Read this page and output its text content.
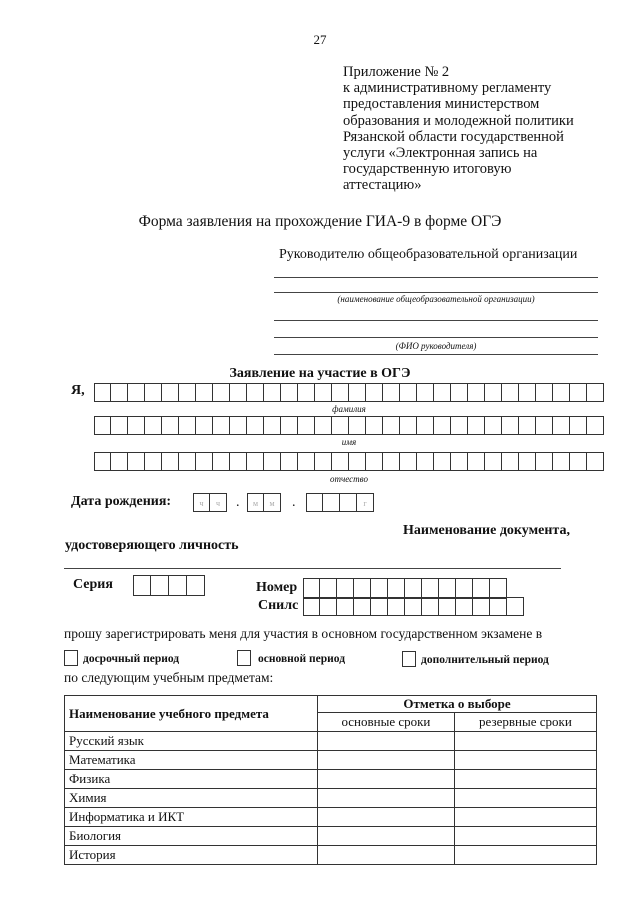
27
Приложение № 2
к административному регламенту
предоставления министерством
образования и молодежной политики
Рязанской области государственной
услуги «Электронная запись на
государственную итоговую
аттестацию»
Форма заявления на прохождение ГИА-9 в форме ОГЭ
Руководителю общеобразовательной организации
(наименование общеобразовательной организации)
(ФИО руководителя)
Заявление на участие в ОГЭ
Я,
фамилия
имя
отчество
Дата рождения:	ч	ч	.	м	м	.	г
Наименование документа,
удостоверяющего личность
Серия	Номер
Снилс
прошу зарегистрировать меня для участия в основном государственном экзамене в
досрочный период	основной период	дополнительный период
по следующим учебным предметам:
Наименование учебного предмета	Отметка о выборе	
	основные сроки	резервные сроки
Русский язык		
Математика		
Физика		
Химия		
Информатика и ИКТ		
Биология		
История		
